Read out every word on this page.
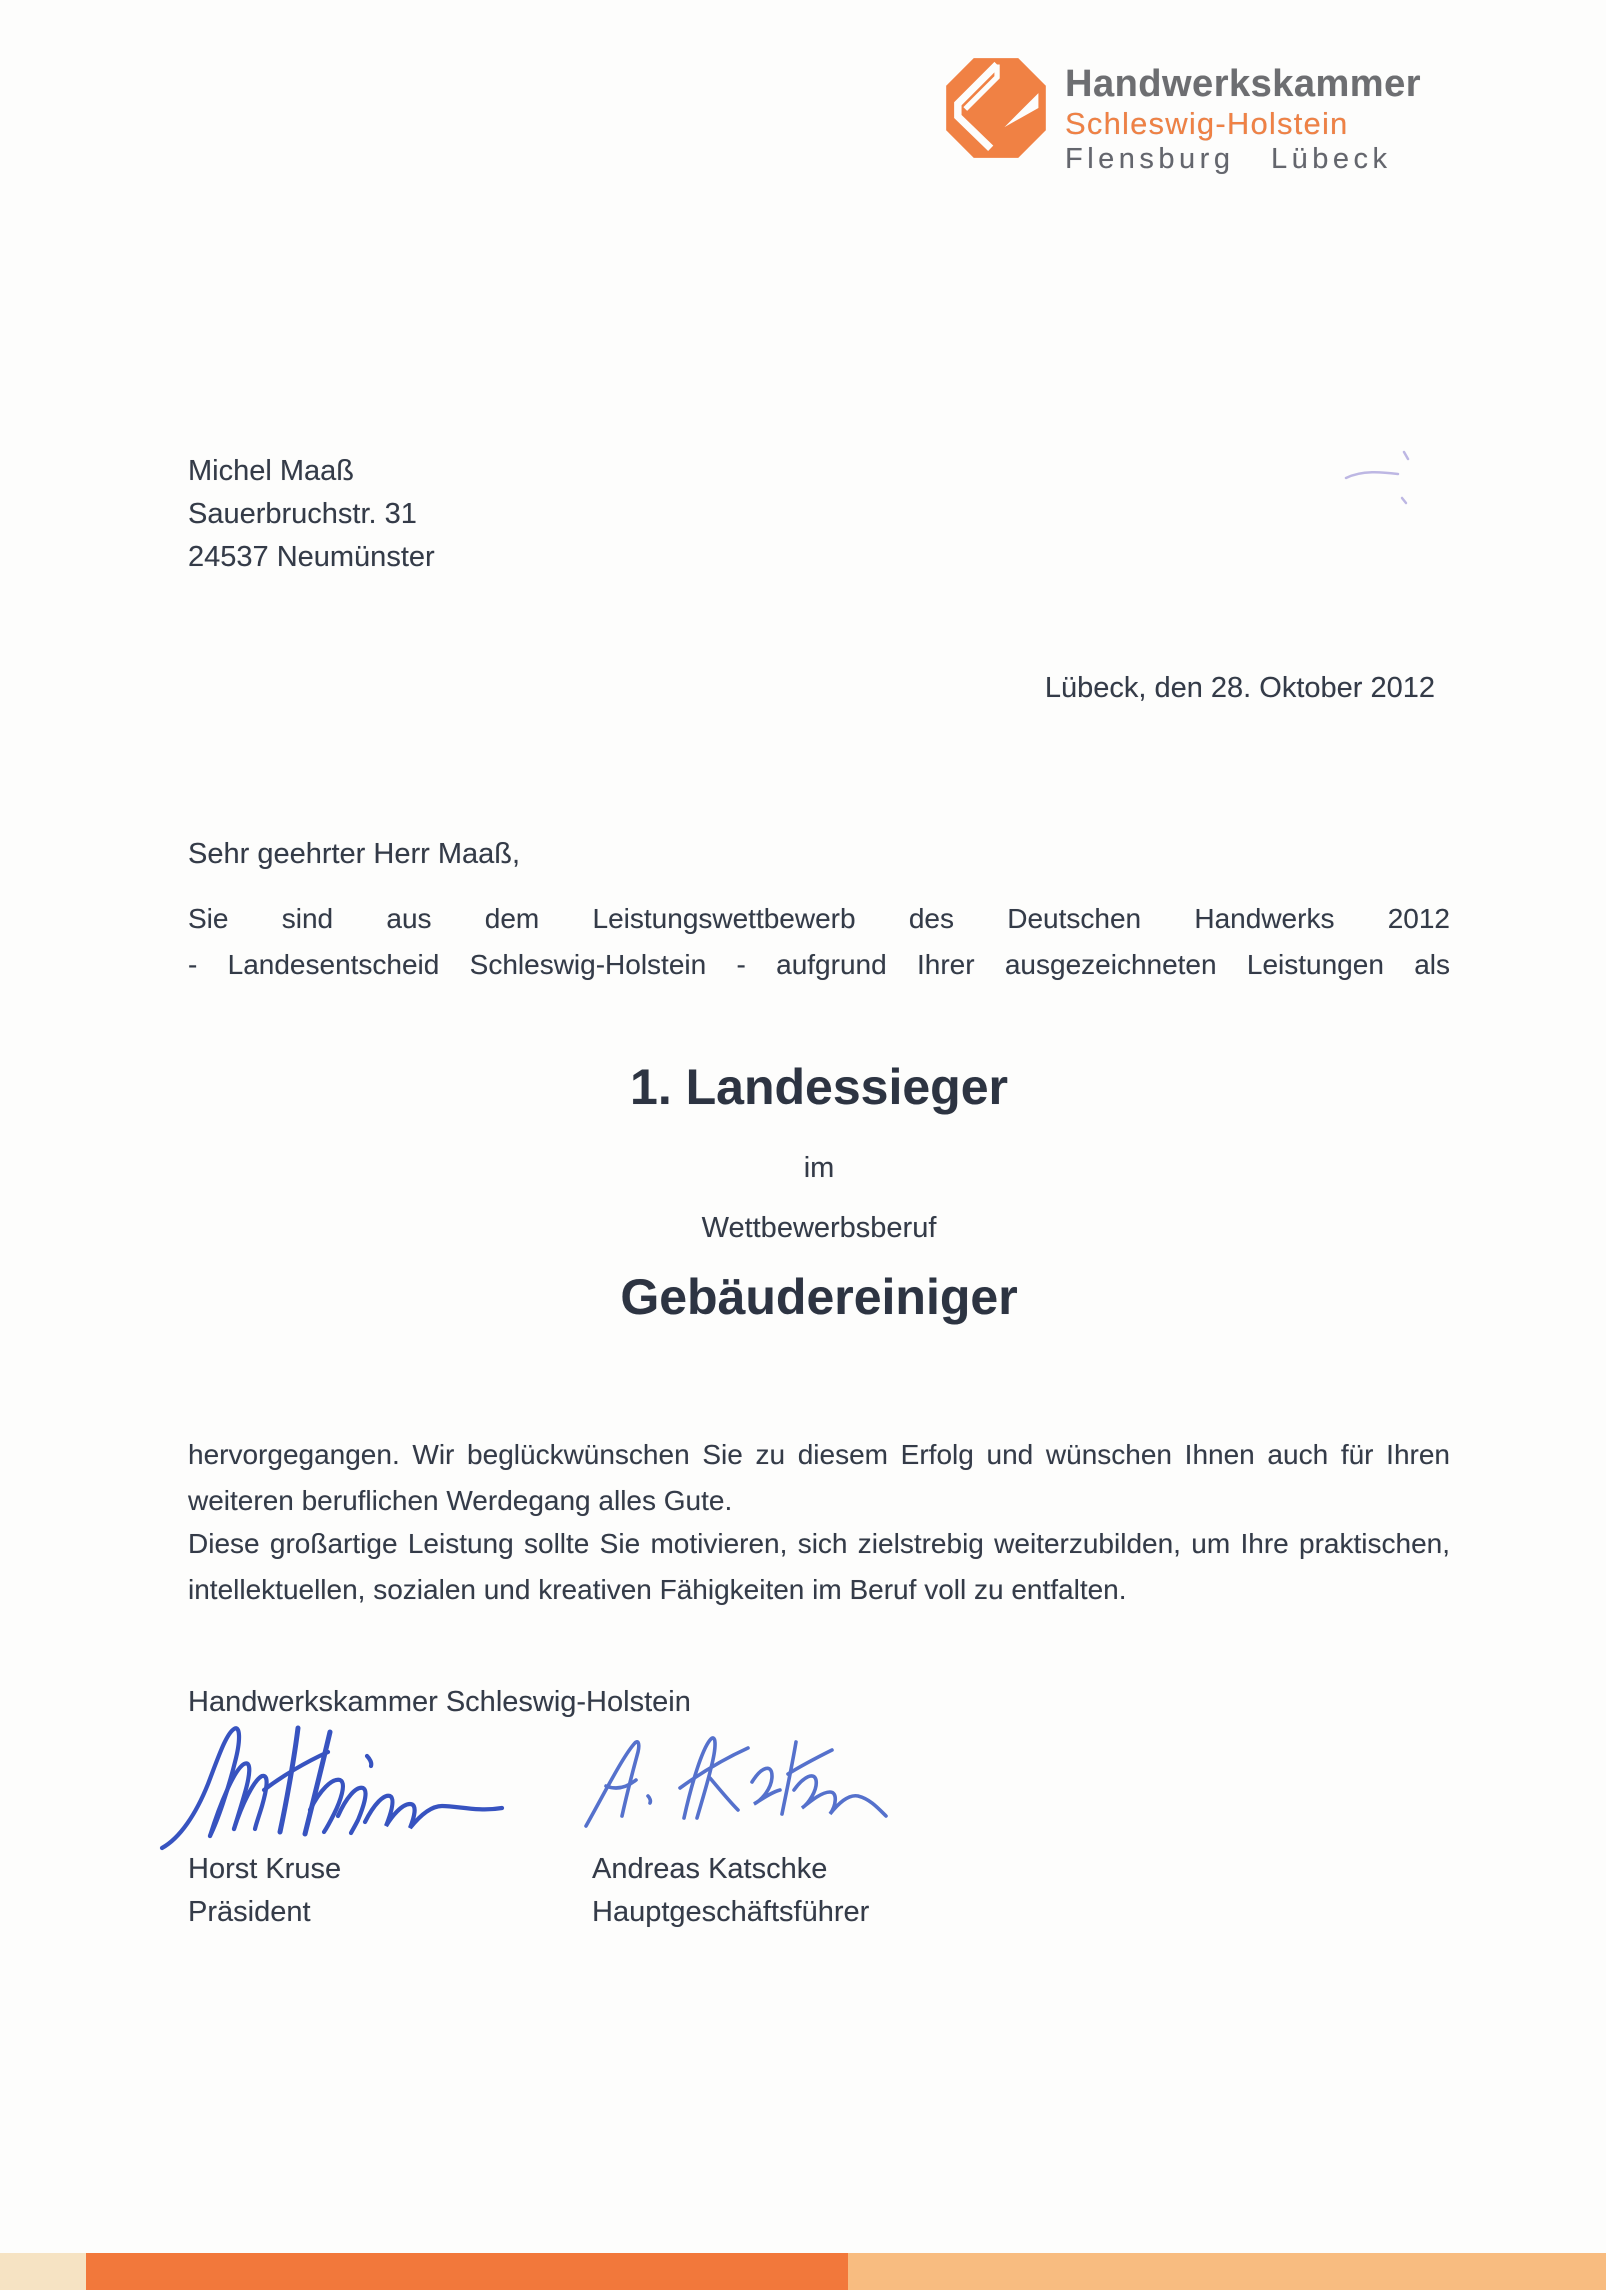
Handwerkskammer
Schleswig-Holstein
Flensburg Lübeck
Michel Maaß
Sauerbruchstr. 31
24537 Neumünster
Lübeck, den 28. Oktober 2012
Sehr geehrter Herr Maaß,
Sie sind aus dem Leistungswettbewerb des Deutschen Handwerks 2012
- Landesentscheid Schleswig-Holstein - aufgrund Ihrer ausgezeichneten Leistungen als
1. Landessieger
im
Wettbewerbsberuf
Gebäudereiniger
hervorgegangen. Wir beglückwünschen Sie zu diesem Erfolg und wünschen Ihnen auch für Ihren
weiteren beruflichen Werdegang alles Gute.
Diese großartige Leistung sollte Sie motivieren, sich zielstrebig weiterzubilden, um Ihre praktischen,
intellektuellen, sozialen und kreativen Fähigkeiten im Beruf voll zu entfalten.
Handwerkskammer Schleswig-Holstein
Horst Kruse
Präsident
Andreas Katschke
Hauptgeschäftsführer
